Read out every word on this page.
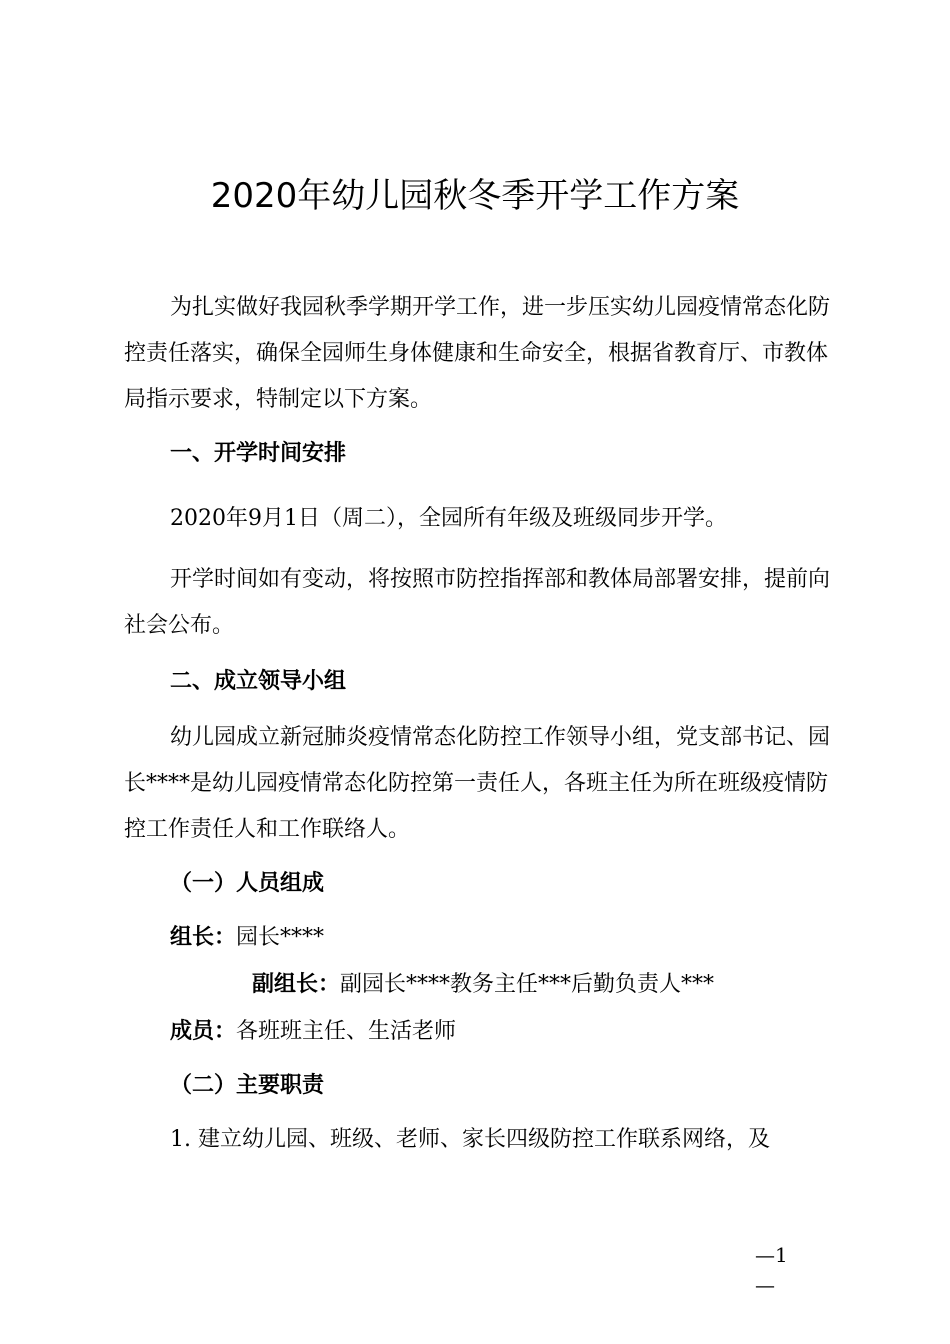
2020年幼儿园秋冬季开学工作方案

为扎实做好我园秋季学期开学工作，进一步压实幼儿园疫情常态化防控责任落实，确保全园师生身体健康和生命安全，根据省教育厅、市教体局指示要求，特制定以下方案。

一、开学时间安排

2020年9月1日（周二），全园所有年级及班级同步开学。

开学时间如有变动，将按照市防控指挥部和教体局部署安排，提前向社会公布。

二、成立领导小组

幼儿园成立新冠肺炎疫情常态化防控工作领导小组，党支部书记、园长****是幼儿园疫情常态化防控第一责任人，各班主任为所在班级疫情防控工作责任人和工作联络人。

（一）人员组成

组长：园长****

副组长：副园长****教务主任***后勤负责人***

成员：各班班主任、生活老师

（二）主要职责

1. 建立幼儿园、班级、老师、家长四级防控工作联系网络，及

—1—
